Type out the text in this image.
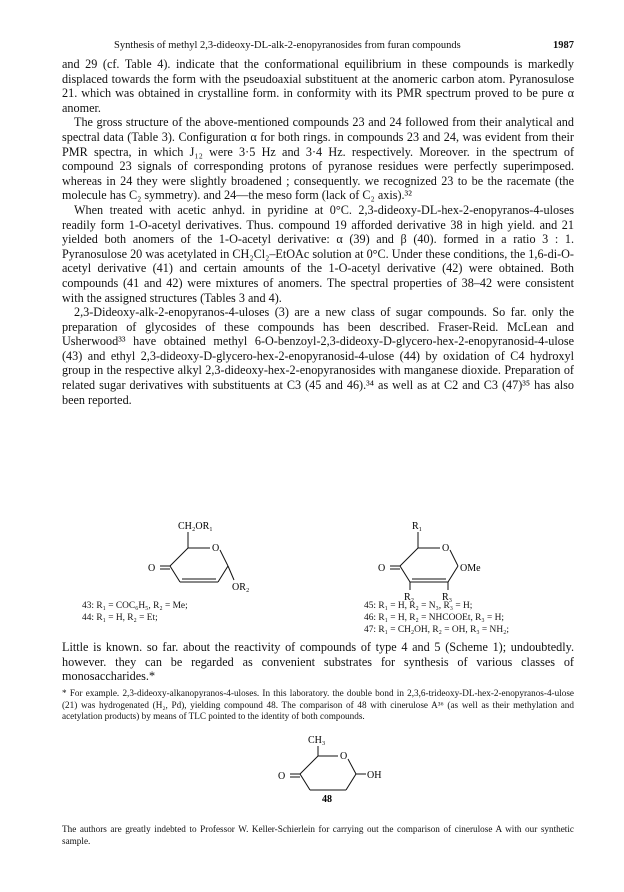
Synthesis of methyl 2,3-dideoxy-DL-alk-2-enopyranosides from furan compounds	1987

and 29 (cf. Table 4). indicate that the conformational equilibrium in these compounds is markedly displaced towards the form with the pseudoaxial substituent at the anomeric carbon atom. Pyranosulose 21. which was obtained in crystalline form. in conformity with its PMR spectrum proved to be pure α anomer.

The gross structure of the above-mentioned compounds 23 and 24 followed from their analytical and spectral data (Table 3). Configuration α for both rings. in compounds 23 and 24, was evident from their PMR spectra, in which J₁₂ were 3·5 Hz and 3·4 Hz. respectively. Moreover. in the spectrum of compound 23 signals of corresponding protons of pyranose residues were perfectly superimposed. whereas in 24 they were slightly broadened ; consequently. we recognized 23 to be the racemate (the molecule has C₂ symmetry). and 24—the meso form (lack of C₂ axis).³²

When treated with acetic anhyd. in pyridine at 0°C. 2,3-dideoxy-DL-hex-2-enopyranos-4-uloses readily form 1-O-acetyl derivatives. Thus. compound 19 afforded derivative 38 in high yield. and 21 yielded both anomers of the 1-O-acetyl derivative: α (39) and β (40). formed in a ratio 3 : 1. Pyranosulose 20 was acetylated in CH₂Cl₂–EtOAc solution at 0°C. Under these conditions, the 1,6-di-O-acetyl derivative (41) and certain amounts of the 1-O-acetyl derivative (42) were obtained. Both compounds (41 and 42) were mixtures of anomers. The spectral properties of 38–42 were consistent with the assigned structures (Tables 3 and 4).

2,3-Dideoxy-alk-2-enopyranos-4-uloses (3) are a new class of sugar compounds. So far. only the preparation of glycosides of these compounds has been described. Fraser-Reid. McLean and Usherwood³³ have obtained methyl 6-O-benzoyl-2,3-dideoxy-D-glycero-hex-2-enopyranosid-4-ulose (43) and ethyl 2,3-dideoxy-D-glycero-hex-2-enopyranosid-4-ulose (44) by oxidation of C4 hydroxyl group in the respective alkyl 2,3-dideoxy-hex-2-enopyranosides with manganese dioxide. Preparation of related sugar derivatives with substituents at C3 (45 and 46).³⁴ as well as at C2 and C3 (47)³⁵ has also been reported.

CH₂OR₁
O
O
OR₂
43: R₁ = COC₆H₅, R₂ = Me;
44: R₁ = H, R₂ = Et;
R₁
O
O	OMe
R₂	R₃
45: R₁ = H, R₂ = N₃, R₃ = H;
46: R₁ = H, R₂ = NHCOOEt, R₃ = H;
47: R₁ = CH₂OH, R₂ = OH, R₃ = NH₂;

Little is known. so far. about the reactivity of compounds of type 4 and 5 (Scheme 1); undoubtedly. however. they can be regarded as convenient substrates for synthesis of various classes of monosaccharides.*

* For example. 2,3-dideoxy-alkanopyranos-4-uloses. In this laboratory. the double bond in 2,3,6-trideoxy-DL-hex-2-enopyranos-4-ulose (21) was hydrogenated (H₂, Pd), yielding compound 48. The comparison of 48 with cinerulose A³⁶ (as well as their methylation and acetylation products) by means of TLC pointed to the identity of both compounds.

CH₃
O
O	OH
48

The authors are greatly indebted to Professor W. Keller-Schierlein for carrying out the comparison of cinerulose A with our synthetic sample.
